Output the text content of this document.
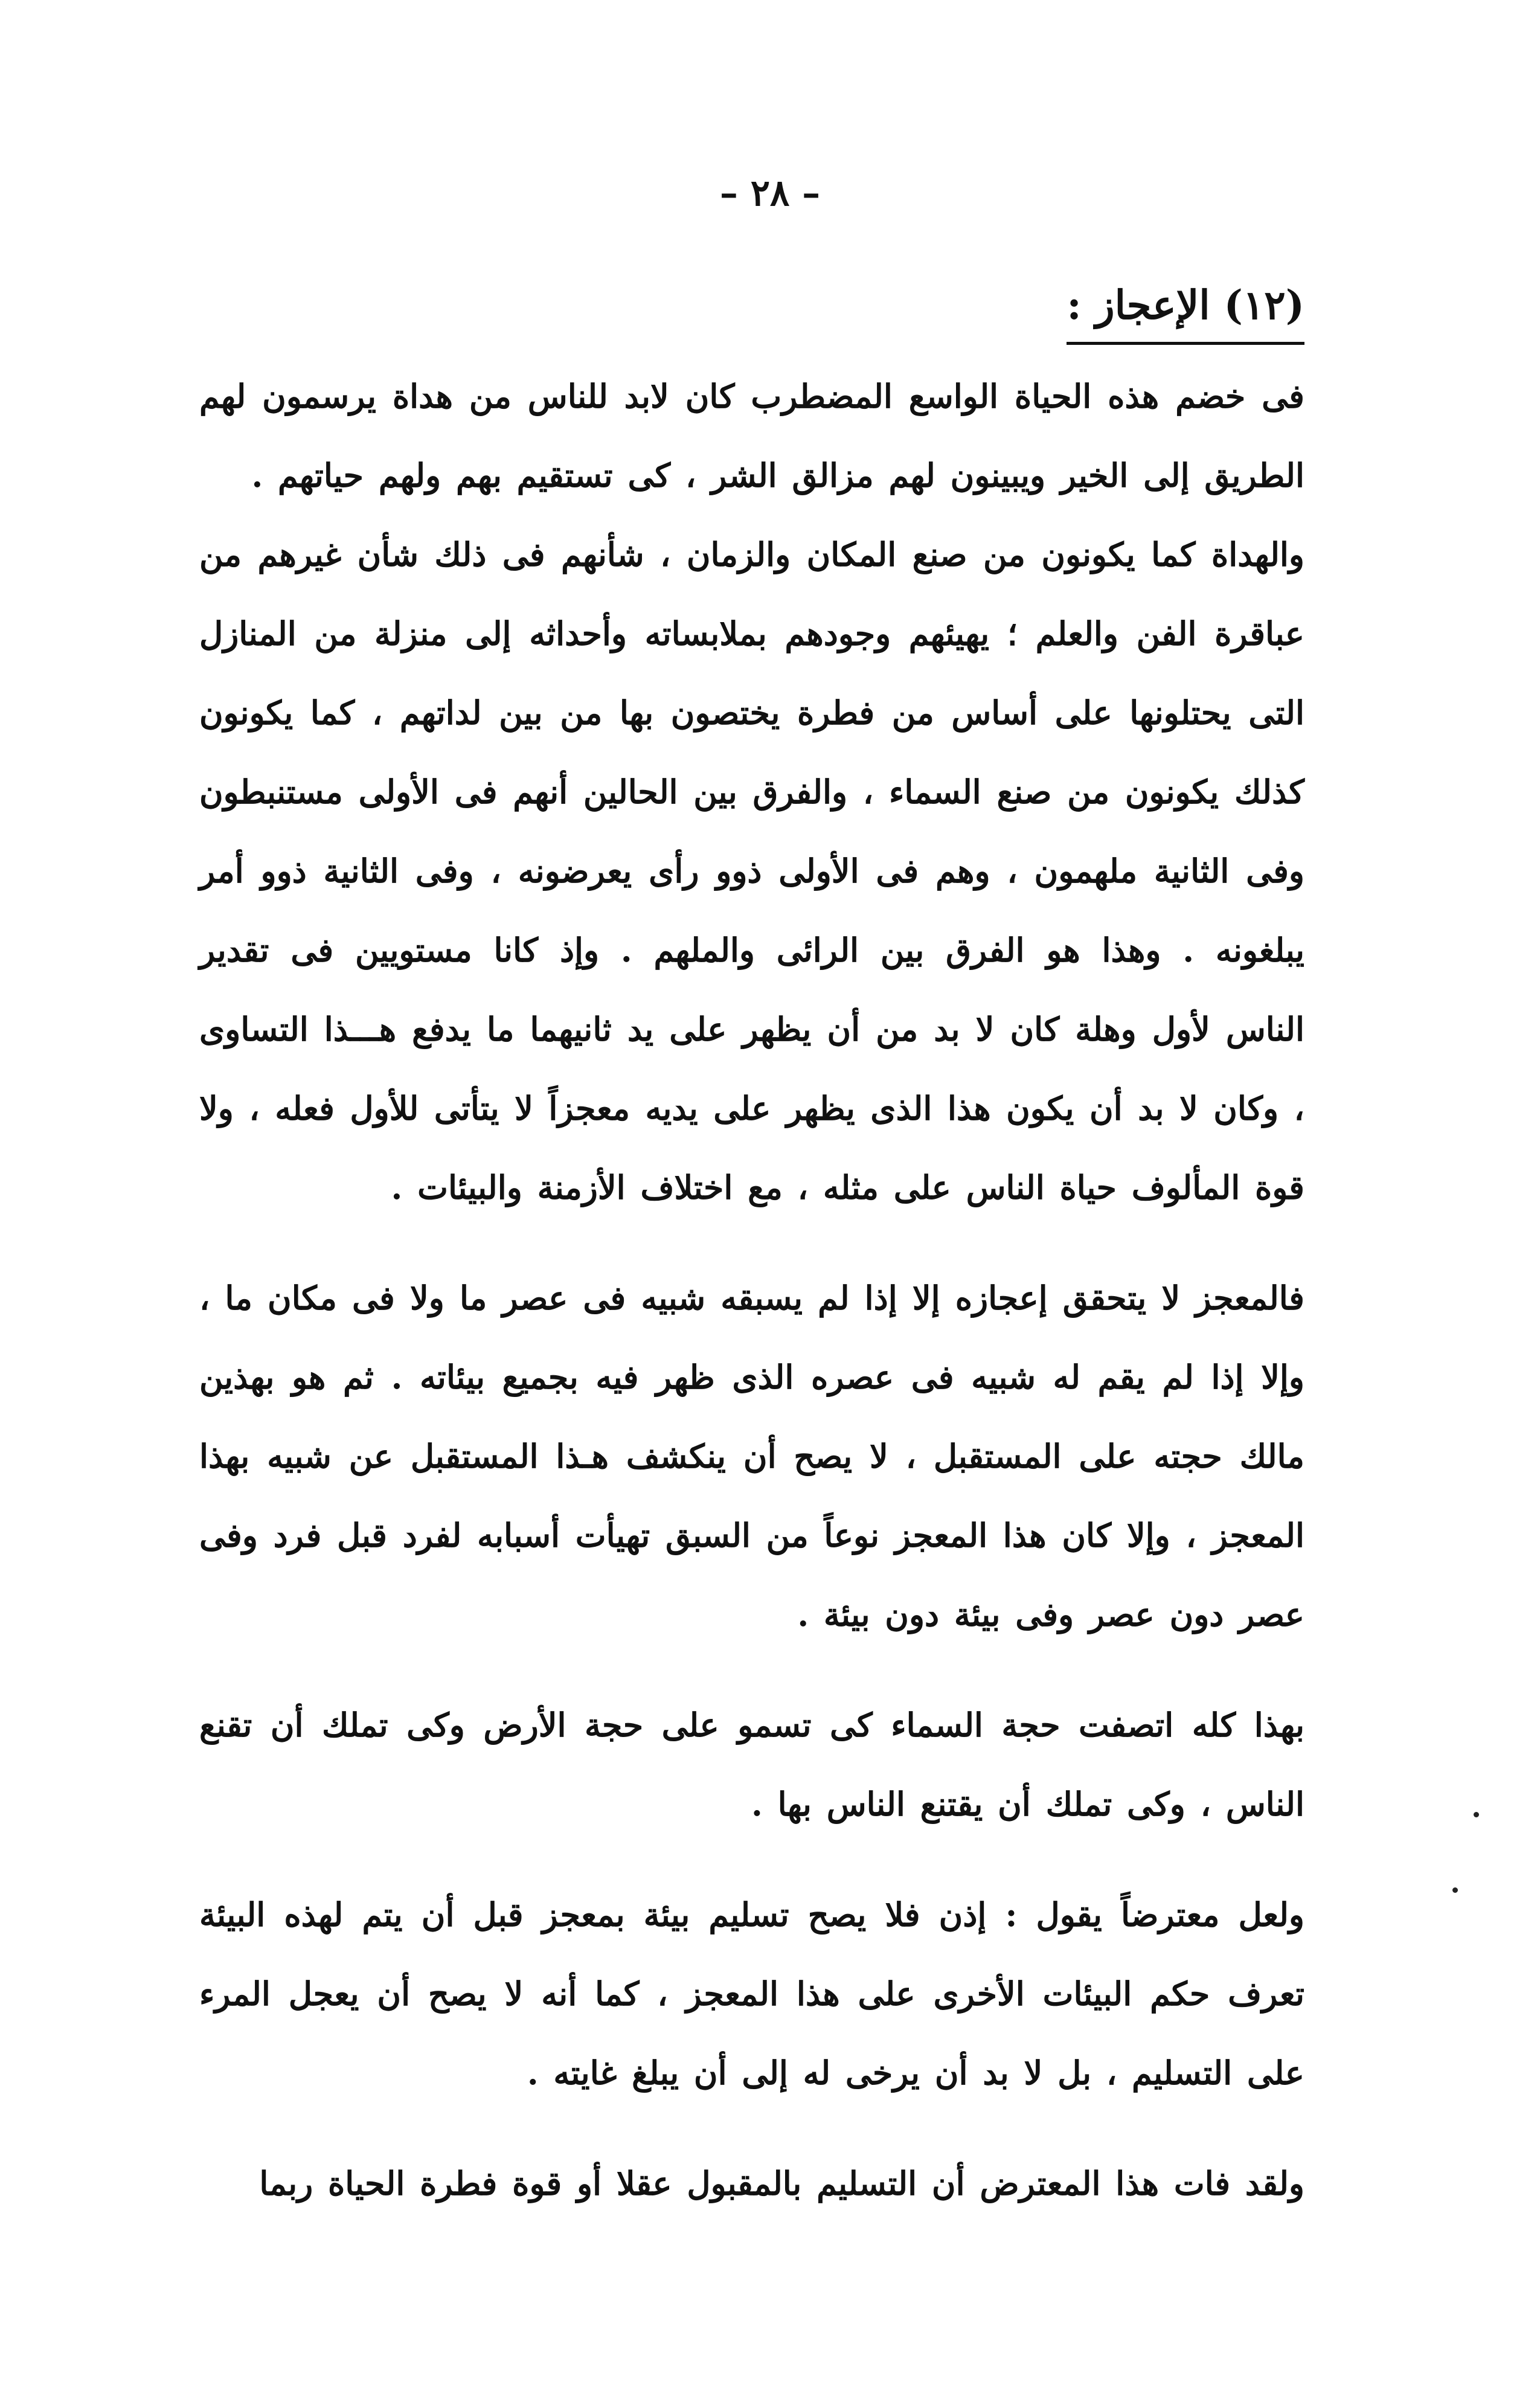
– ٢٨ –
(١٢) الإعجاز :

فى خضم هذه الحياة الواسع المضطرب كان لابد للناس من هداة يرسمون لهم الطريق إلى الخير ويبينون لهم مزالق الشر ، كى تستقيم بهم ولهم حياتهم .

والهداة كما يكونون من صنع المكان والزمان ، شأنهم فى ذلك شأن غيرهم من عباقرة الفن والعلم ؛ يهيئهم وجودهم بملابساته وأحداثه إلى منزلة من المنازل التى يحتلونها على أساس من فطرة يختصون بها من بين لداتهم ، كما يكونون كذلك يكونون من صنع السماء ، والفرق بين الحالين أنهم فى الأولى مستنبطون وفى الثانية ملهمون ، وهم فى الأولى ذوو رأى يعرضونه ، وفى الثانية ذوو أمر يبلغونه . وهذا هو الفرق بين الرائى والملهم . وإذ كانا مستويين فى تقدير الناس لأول وهلة كان لا بد من أن يظهر على يد ثانيهما ما يدفع هـــذا التساوى ، وكان لا بد أن يكون هذا الذى يظهر على يديه معجزاً لا يتأتى للأول فعله ، ولا قوة المألوف حياة الناس على مثله ، مع اختلاف الأزمنة والبيئات .

فالمعجز لا يتحقق إعجازه إلا إذا لم يسبقه شبيه فى عصر ما ولا فى مكان ما ، وإلا إذا لم يقم له شبيه فى عصره الذى ظهر فيه بجميع بيئاته . ثم هو بهذين مالك حجته على المستقبل ، لا يصح أن ينكشف هـذا المستقبل عن شبيه بهذا المعجز ، وإلا كان هذا المعجز نوعاً من السبق تهيأت أسبابه لفرد قبل فرد وفى عصر دون عصر وفى بيئة دون بيئة .

بهذا كله اتصفت حجة السماء كى تسمو على حجة الأرض وكى تملك أن تقنع الناس ، وكى تملك أن يقتنع الناس بها .

ولعل معترضاً يقول : إذن فلا يصح تسليم بيئة بمعجز قبل أن يتم لهذه البيئة تعرف حكم البيئات الأخرى على هذا المعجز ، كما أنه لا يصح أن يعجل المرء على التسليم ، بل لا بد أن يرخى له إلى أن يبلغ غايته .

ولقد فات هذا المعترض أن التسليم بالمقبول عقلا أو قوة فطرة الحياة ربما
